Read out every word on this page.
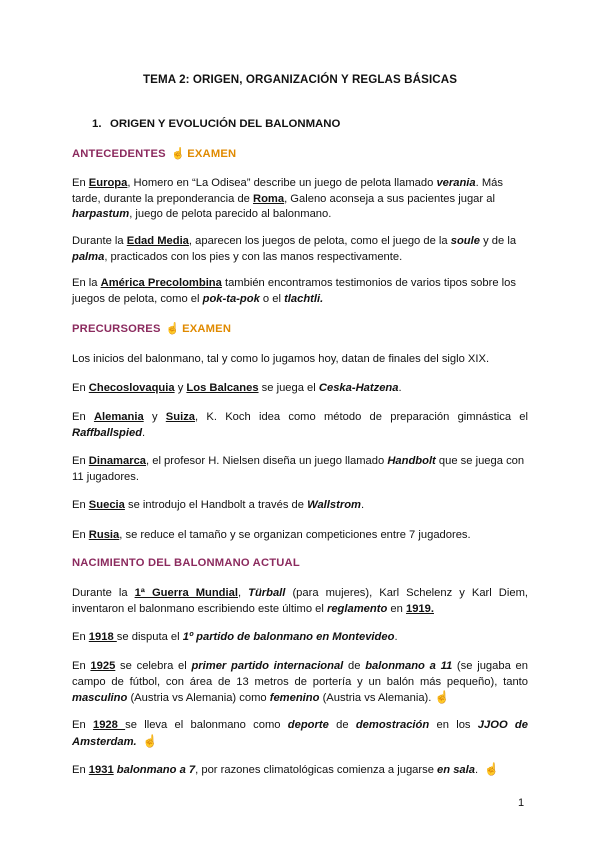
TEMA 2: ORIGEN, ORGANIZACIÓN Y REGLAS BÁSICAS
1. ORIGEN Y EVOLUCIÓN DEL BALONMANO
ANTECEDENTES ☝ EXAMEN
En Europa, Homero en “La Odisea” describe un juego de pelota llamado verania. Más tarde, durante la preponderancia de Roma, Galeno aconseja a sus pacientes jugar al harpastum, juego de pelota parecido al balonmano.
Durante la Edad Media, aparecen los juegos de pelota, como el juego de la soule y de la palma, practicados con los pies y con las manos respectivamente.
En la América Precolombina también encontramos testimonios de varios tipos sobre los juegos de pelota, como el pok-ta-pok o el tlachtli.
PRECURSORES ☝ EXAMEN
Los inicios del balonmano, tal y como lo jugamos hoy, datan de finales del siglo XIX.
En Checoslovaquia y Los Balcanes se juega el Ceska-Hatzena.
En Alemania y Suiza, K. Koch idea como método de preparación gimnástica el Raffballspied.
En Dinamarca, el profesor H. Nielsen diseña un juego llamado Handbolt que se juega con 11 jugadores.
En Suecia se introdujo el Handbolt a través de Wallstrom.
En Rusia, se reduce el tamaño y se organizan competiciones entre 7 jugadores.
NACIMIENTO DEL BALONMANO ACTUAL
Durante la 1ª Guerra Mundial, Türball (para mujeres), Karl Schelenz y Karl Diem, inventaron el balonmano escribiendo este último el reglamento en 1919.
En 1918 se disputa el 1º partido de balonmano en Montevideo.
En 1925 se celebra el primer partido internacional de balonmano a 11 (se jugaba en campo de fútbol, con área de 13 metros de portería y un balón más pequeño), tanto masculino (Austria vs Alemania) como femenino (Austria vs Alemania). ☝
En 1928 se lleva el balonmano como deporte de demostración en los JJOO de Amsterdam. ☝
En 1931 balonmano a 7, por razones climatológicas comienza a jugarse en sala. ☝
1
